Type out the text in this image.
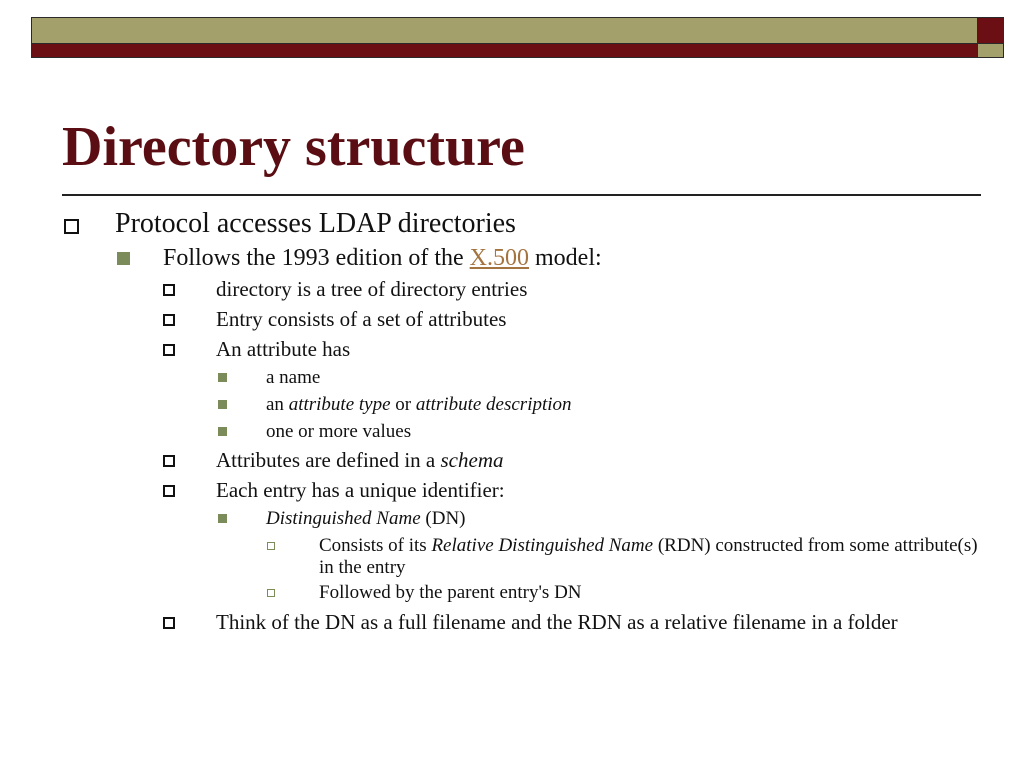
Directory structure
Protocol accesses LDAP directories
Follows the 1993 edition of the X.500 model:
directory is a tree of directory entries
Entry consists of a set of attributes
An attribute has
a name
an attribute type or attribute description
one or more values
Attributes are defined in a schema
Each entry has a unique identifier:
Distinguished Name (DN)
Consists of its Relative Distinguished Name (RDN) constructed from some attribute(s) in the entry
Followed by the parent entry's DN
Think of the DN as a full filename and the RDN as a relative filename in a folder
